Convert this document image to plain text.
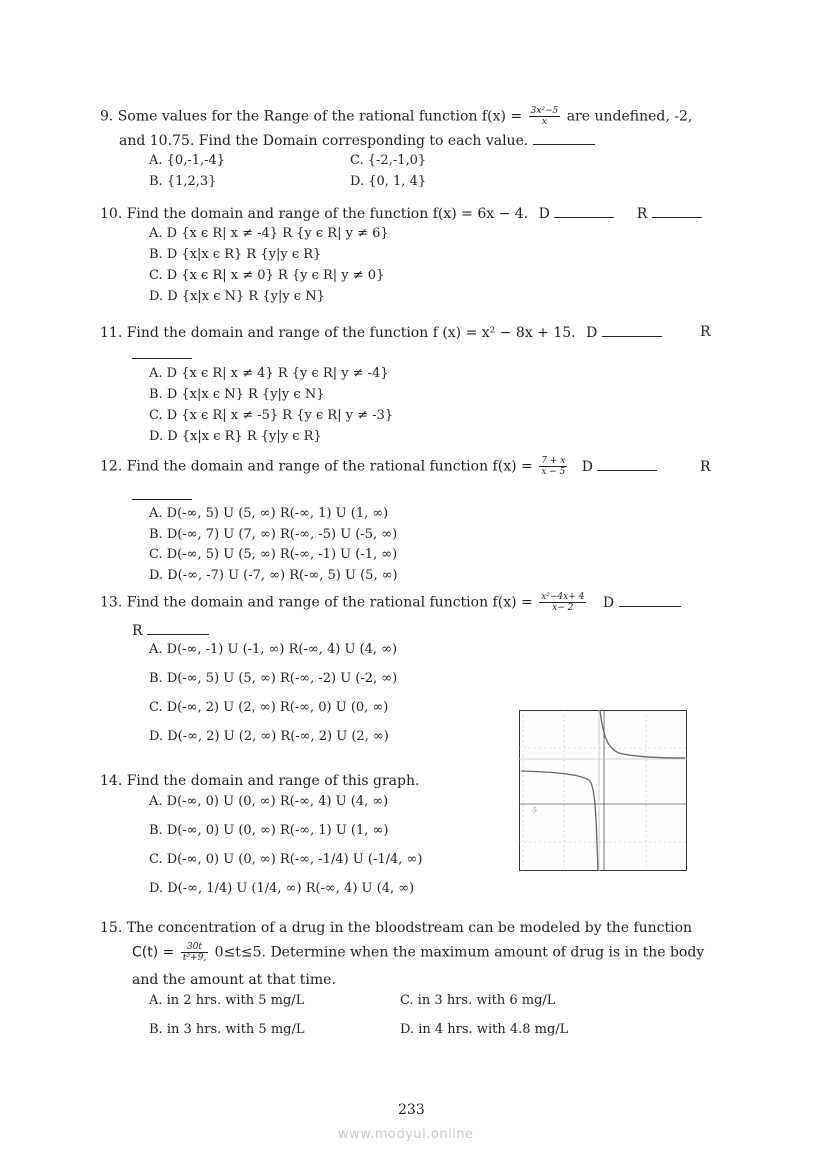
9. Some values for the Range of the rational function $f(x) = \frac{\text{3x²−5}}{x}$ are undefined, -2,
and 10.75. Find the Domain corresponding to each value.
A. {0,-1,-4}	C. {-2,-1,0}
B. {1,2,3}	D. {0, 1, 4}
10. Find the domain and range of the function f(x) = 6x − 4. D	R
A. D {x ϵ R| x ≠ -4} R {y ϵ R| y ≠ 6}
B. D {x|x ϵ R} R {y|y ϵ R}
C. D {x ϵ R| x ≠ 0} R {y ϵ R| y ≠ 0}
D. D {x|x ϵ N} R {y|y ϵ N}
11. Find the domain and range of the function f (x) = x² − 8x + 15. D	R
A. D {x ϵ R| x ≠ 4} R {y ϵ R| y ≠ -4}
B. D {x|x ϵ N} R {y|y ϵ N}
C. D {x ϵ R| x ≠ -5} R {y ϵ R| y ≠ -3}
D. D {x|x ϵ R} R {y|y ϵ R}
12. Find the domain and range of the rational function $f(x) = \frac{7 + x}{x - 5}$ D	R
A. D(-∞, 5) U (5, ∞) R(-∞, 1) U (1, ∞)
B. D(-∞, 7) U (7, ∞) R(-∞, -5) U (-5, ∞)
C. D(-∞, 5) U (5, ∞) R(-∞, -1) U (-1, ∞)
D. D(-∞, -7) U (-7, ∞) R(-∞, 5) U (5, ∞)
13. Find the domain and range of the rational function $f(x) = \frac{\text{x²−4x+ 4}}{x- 2}$ D
R
A. D(-∞, -1) U (-1, ∞) R(-∞, 4) U (4, ∞)
B. D(-∞, 5) U (5, ∞) R(-∞, -2) U (-2, ∞)
C. D(-∞, 2) U (2, ∞) R(-∞, 0) U (0, ∞)
D. D(-∞, 2) U (2, ∞) R(-∞, 2) U (2, ∞)
14. Find the domain and range of this graph.
A. D(-∞, 0) U (0, ∞) R(-∞, 4) U (4, ∞)
B. D(-∞, 0) U (0, ∞) R(-∞, 1) U (1, ∞)
C. D(-∞, 0) U (0, ∞) R(-∞, -1/4) U (-1/4, ∞)
D. D(-∞, 1/4) U (1/4, ∞) R(-∞, 4) U (4, ∞)
-5
15. The concentration of a drug in the bloodstream can be modeled by the function
$C(t) = \frac{30t}{\text{t²+9,}} 0\le t\le 5$. Determine when the maximum amount of drug is in the body
and the amount at that time.
A. in 2 hrs. with 5 mg/L	C. in 3 hrs. with 6 mg/L
B. in 3 hrs. with 5 mg/L	D. in 4 hrs. with 4.8 mg/L
233
www.modyul.online
